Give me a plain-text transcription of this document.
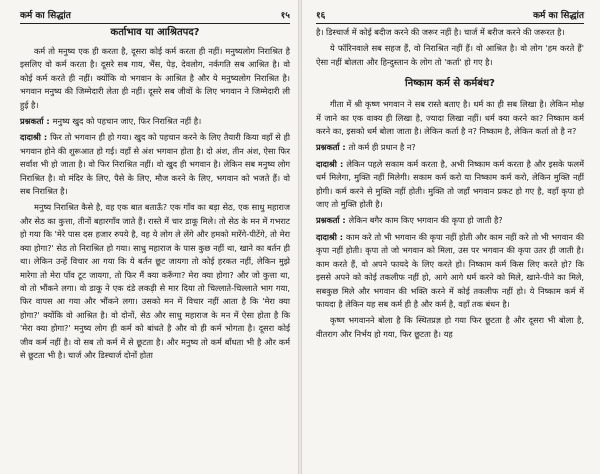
कर्म का सिद्धांत	१५
कर्ताभाव या आश्रितपद?

कर्म तो मनुष्य एक ही करता है, दूसरा कोई कर्म करता ही नहीं। मनुष्यलोग निराश्रित है इसलिए वो कर्म करता है। दूसरे सब गाय, भैंस, पेड़, देवलोग, नर्कगति सब आश्रित है। वो कोई कर्म करते ही नहीं। क्योंकि वो भगवान के आश्रित है और ये मनुष्यलोग निराश्रित है। भगवान मनुष्य की जिम्मेदारी लेता ही नहीं। दूसरे सब जीवों के लिए भगवान ने जिम्मेदारी ली हुई है।

प्रश्नकर्ता : मनुष्य खुद को पहचान जाए, फिर निराश्रित नहीं है।

दादाश्री : फिर तो भगवान ही हो गया। खुद को पहचान करने के लिए तैयारी किया वहाँ से ही भगवान होने की शुरूआत हो गई। वहाँ से अंश भगवान होता है। दो अंश, तीन अंश, ऐसा फिर सर्वांश भी हो जाता है। वो फिर निराश्रित नहीं। वो खुद ही भगवान है। लेकिन सब मनुष्य लोग निराश्रित है। वो मंदिर के लिए, पैसे के लिए, मौज करने के लिए, भगवान को भजते हैं। वो सब निराश्रित है।

मनुष्य निराश्रित कैसे है, वह एक बात बताऊँ? एक गाँव का बड़ा सेठ, एक साधु महाराज और सेठ का कुत्ता, तीनों बहारगाँव जाते हैं। रास्ते में चार डाकू मिले। तो सेठ के मन में गभराट हो गया कि 'मेरे पास दस हजार रुपये है, वह ये लोग ले लेंगे और हमको मारेंगे-पीटेंगे, तो मेरा क्या होगा?' सेठ तो निराश्रित हो गया। साधु महाराज के पास कुछ नहीं था, खाने का बर्तन ही था। लेकिन उन्हें विचार आ गया कि ये बर्तन छूट जायगा तो कोई हरकत नहीं, लेकिन मुझे मारेगा तो मेरा पाँव टूट जायगा, तो फिर मैं क्या करूँगा? मेरा क्या होगा? और जो कुत्ता था, वो तो भौंकने लगा। वो डाकू ने एक दंडे लकड़ी से मार दिया तो चिल्लाते-चिल्लाते भाग गया, फिर वापस आ गया और भौंकने लगा। उसको मन में विचार नहीं आता है कि 'मेरा क्या होगा?' क्योंकि वो आश्रित है। वो दोनों, सेठ और साधु महाराज के मन में ऐसा होता है कि 'मेरा क्या होगा?' मनुष्य लोग ही कर्म को बांधते है और वो ही कर्म भोगता है। दूसरा कोई जीव कर्म नहीं है। वो सब तो कर्म में से छूटता है। और मनुष्य तो कर्म बाँधता भी है और कर्म से छूटता भी है। चार्ज और डिस्चार्ज दोनों होता

१६	कर्म का सिद्धांत

है। डिस्चार्ज में कोई बदीज करने की जरूर नहीं है। चार्ज में बरीज करने की जरूरत है।

ये फॉरिनवाले सब सहज हैं, वो निराश्रित नहीं हैं। वो आश्रित है। वो लोग 'हम करते हैं' ऐसा नहीं बोलता और हिन्दुस्तान के लोग तो 'कर्ता' हो गए है।

निष्काम कर्म से कर्मबंध?

गीता में श्री कृष्ण भगवान ने सब रास्ते बताए है। धर्म का ही सब लिखा है। लेकिन मोक्ष में जाने का एक वाक्य ही लिखा है, ज्यादा लिखा नहीं। धर्म क्या करने का? निष्काम कर्म करने का, इसको धर्म बोला जाता है। लेकिन कर्ता है न? निष्काम है, लेकिन कर्ता तो है न?

प्रश्नकर्ता : तो कर्म ही प्रधान है न?

दादाश्री : लेकिन पहले सकाम कर्म करता है, अभी निष्काम कर्म करता है और इसके फलमें धर्म मिलेगा, मुक्ति नहीं मिलेगी। सकाम कर्म करो या निष्काम कर्म करो, लेकिन मुक्ति नहीं होगी। कर्म करने से मुक्ति नहीं होती। मुक्ति तो जहाँ भगवान प्रकट हो गए है, वहाँ कृपा हो जाए तो मुक्ति होती है।

प्रश्नकर्ता : लेकिन बगैर काम किए भगवान की कृपा हो जाती है?

दादाश्री : काम करे तो भी भगवान की कृपा नहीं होती और काम नहीं करे तो भी भगवान की कृपा नहीं होती। कृपा तो जो भगवान को मिला, उस पर भगवान की कृपा उतर ही जाती है। काम करते हैं, वो अपने फायदे के लिए करते हो। निष्काम कर्म किस लिए करते हो? कि इससे अपने को कोई तकलीफ नहीं हो, आगे आगे धर्म करने को मिले, खाने-पीने का मिले, सबकुछ मिले और भगवान की भक्ति करने में कोई तकलीफ नहीं हो। ये निष्काम कर्म में फायदा है लेकिन यह सब कर्म ही है और कर्म है, वहाँ तक बंधन है।

कृष्ण भगवानने बोला है कि स्थितप्रज्ञ हो गया फिर छूटता है और दूसरा भी बोला है, वीतराग और निर्भय हो गया, फिर छूटता है। यह
